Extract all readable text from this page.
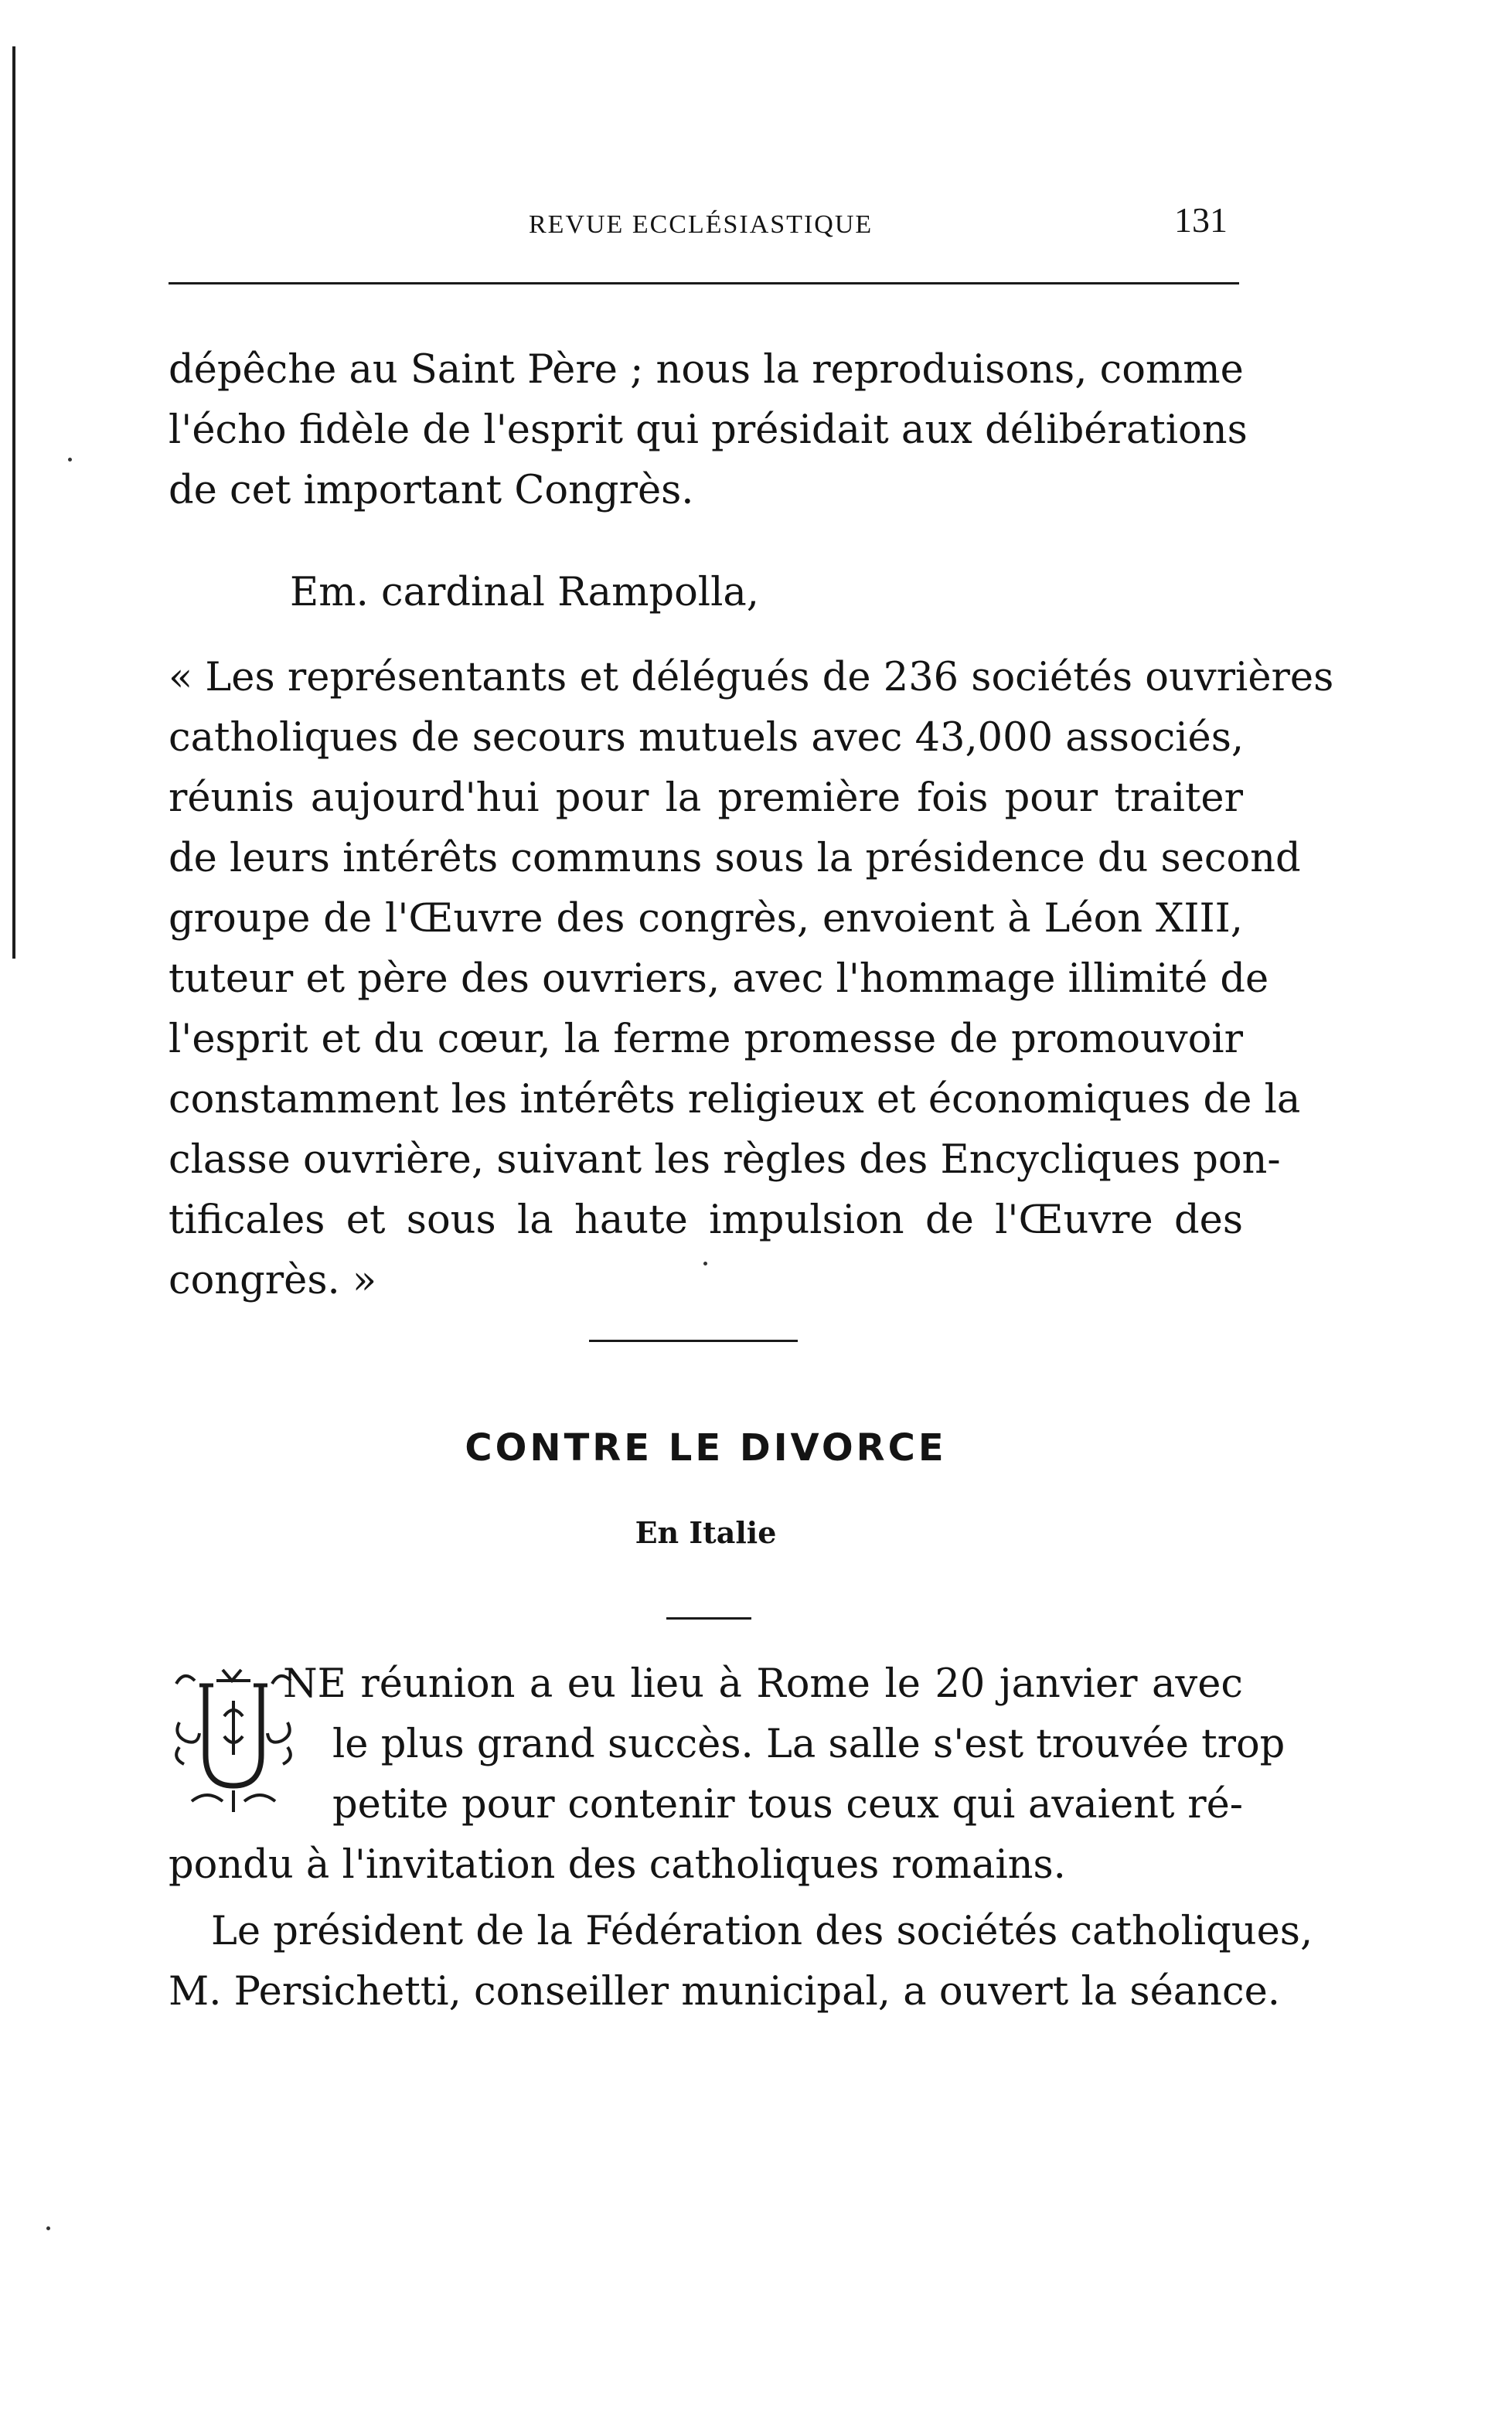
REVUE ECCLÉSIASTIQUE	131
dépêche au Saint Père ; nous la reproduisons, comme
l'écho fidèle de l'esprit qui présidait aux délibérations
de cet important Congrès.
Em. cardinal Rampolla,
« Les représentants et délégués de 236 sociétés ouvrières
catholiques de secours mutuels avec 43,000 associés,
réunis aujourd'hui pour la première fois pour traiter
de leurs intérêts communs sous la présidence du second
groupe de l'Œuvre des congrès, envoient à Léon XIII,
tuteur et père des ouvriers, avec l'hommage illimité de
l'esprit et du cœur, la ferme promesse de promouvoir
constamment les intérêts religieux et économiques de la
classe ouvrière, suivant les règles des Encycliques pon-
tificales et sous la haute impulsion de l'Œuvre des
congrès. »
CONTRE LE DIVORCE
En Italie
NE réunion a eu lieu à Rome le 20 janvier avec
le plus grand succès. La salle s'est trouvée trop
petite pour contenir tous ceux qui avaient ré-
pondu à l'invitation des catholiques romains.
Le président de la Fédération des sociétés catholiques,
M. Persichetti, conseiller municipal, a ouvert la séance.
